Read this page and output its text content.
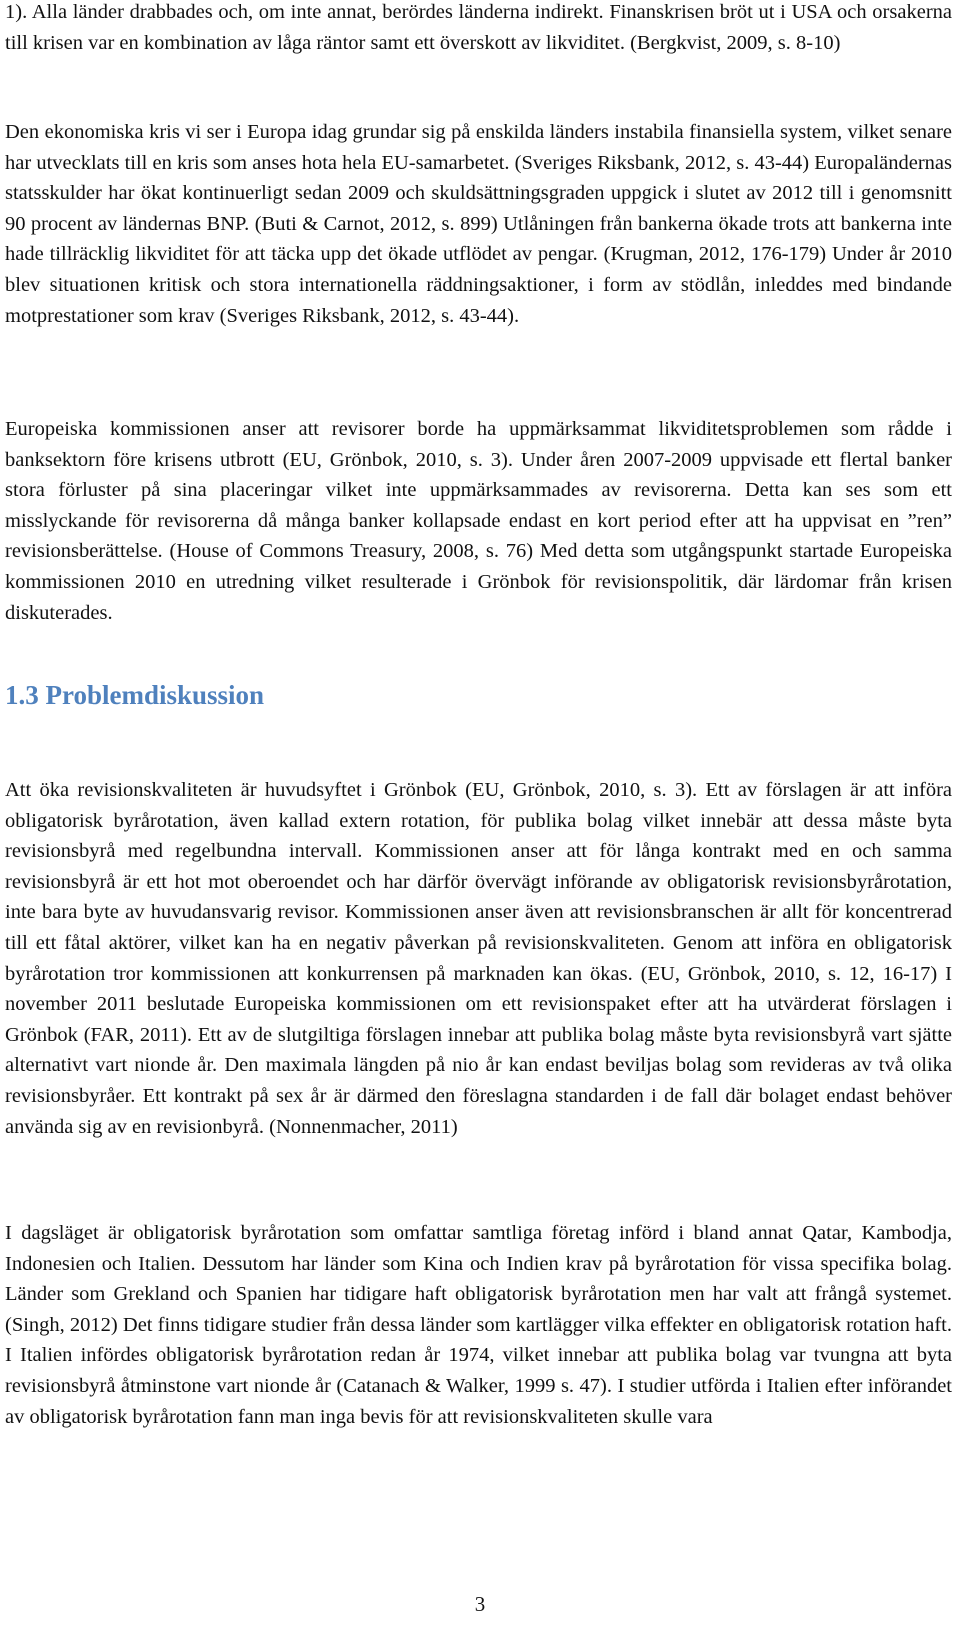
1). Alla länder drabbades och, om inte annat, berördes länderna indirekt. Finanskrisen bröt ut i USA och orsakerna till krisen var en kombination av låga räntor samt ett överskott av likviditet. (Bergkvist, 2009, s. 8-10)

Den ekonomiska kris vi ser i Europa idag grundar sig på enskilda länders instabila finansiella system, vilket senare har utvecklats till en kris som anses hota hela EU-samarbetet. (Sveriges Riksbank, 2012, s. 43-44) Europaländernas statsskulder har ökat kontinuerligt sedan 2009 och skuldsättningsgraden uppgick i slutet av 2012 till i genomsnitt 90 procent av ländernas BNP. (Buti & Carnot, 2012, s. 899) Utlåningen från bankerna ökade trots att bankerna inte hade tillräcklig likviditet för att täcka upp det ökade utflödet av pengar. (Krugman, 2012, 176-179) Under år 2010 blev situationen kritisk och stora internationella räddningsaktioner, i form av stödlån, inleddes med bindande motprestationer som krav (Sveriges Riksbank, 2012, s. 43-44).

Europeiska kommissionen anser att revisorer borde ha uppmärksammat likviditetsproblemen som rådde i banksektorn före krisens utbrott (EU, Grönbok, 2010, s. 3). Under åren 2007-2009 uppvisade ett flertal banker stora förluster på sina placeringar vilket inte uppmärksammades av revisorerna. Detta kan ses som ett misslyckande för revisorerna då många banker kollapsade endast en kort period efter att ha uppvisat en ”ren” revisionsberättelse. (House of Commons Treasury, 2008, s. 76) Med detta som utgångspunkt startade Europeiska kommissionen 2010 en utredning vilket resulterade i Grönbok för revisionspolitik, där lärdomar från krisen diskuterades.

1.3 Problemdiskussion

Att öka revisionskvaliteten är huvudsyftet i Grönbok (EU, Grönbok, 2010, s. 3). Ett av förslagen är att införa obligatorisk byrårotation, även kallad extern rotation, för publika bolag vilket innebär att dessa måste byta revisionsbyrå med regelbundna intervall. Kommissionen anser att för långa kontrakt med en och samma revisionsbyrå är ett hot mot oberoendet och har därför övervägt införande av obligatorisk revisionsbyrårotation, inte bara byte av huvudansvarig revisor. Kommissionen anser även att revisionsbranschen är allt för koncentrerad till ett fåtal aktörer, vilket kan ha en negativ påverkan på revisionskvaliteten. Genom att införa en obligatorisk byrårotation tror kommissionen att konkurrensen på marknaden kan ökas. (EU, Grönbok, 2010, s. 12, 16-17) I november 2011 beslutade Europeiska kommissionen om ett revisionspaket efter att ha utvärderat förslagen i Grönbok (FAR, 2011). Ett av de slutgiltiga förslagen innebar att publika bolag måste byta revisionsbyrå vart sjätte alternativt vart nionde år. Den maximala längden på nio år kan endast beviljas bolag som revideras av två olika revisionsbyråer. Ett kontrakt på sex år är därmed den föreslagna standarden i de fall där bolaget endast behöver använda sig av en revisionbyrå. (Nonnenmacher, 2011)

I dagsläget är obligatorisk byrårotation som omfattar samtliga företag införd i bland annat Qatar, Kambodja, Indonesien och Italien. Dessutom har länder som Kina och Indien krav på byrårotation för vissa specifika bolag. Länder som Grekland och Spanien har tidigare haft obligatorisk byrårotation men har valt att frångå systemet. (Singh, 2012) Det finns tidigare studier från dessa länder som kartlägger vilka effekter en obligatorisk rotation haft. I Italien infördes obligatorisk byrårotation redan år 1974, vilket innebar att publika bolag var tvungna att byta revisionsbyrå åtminstone vart nionde år (Catanach & Walker, 1999 s. 47). I studier utförda i Italien efter införandet av obligatorisk byrårotation fann man inga bevis för att revisionskvaliteten skulle vara

3
